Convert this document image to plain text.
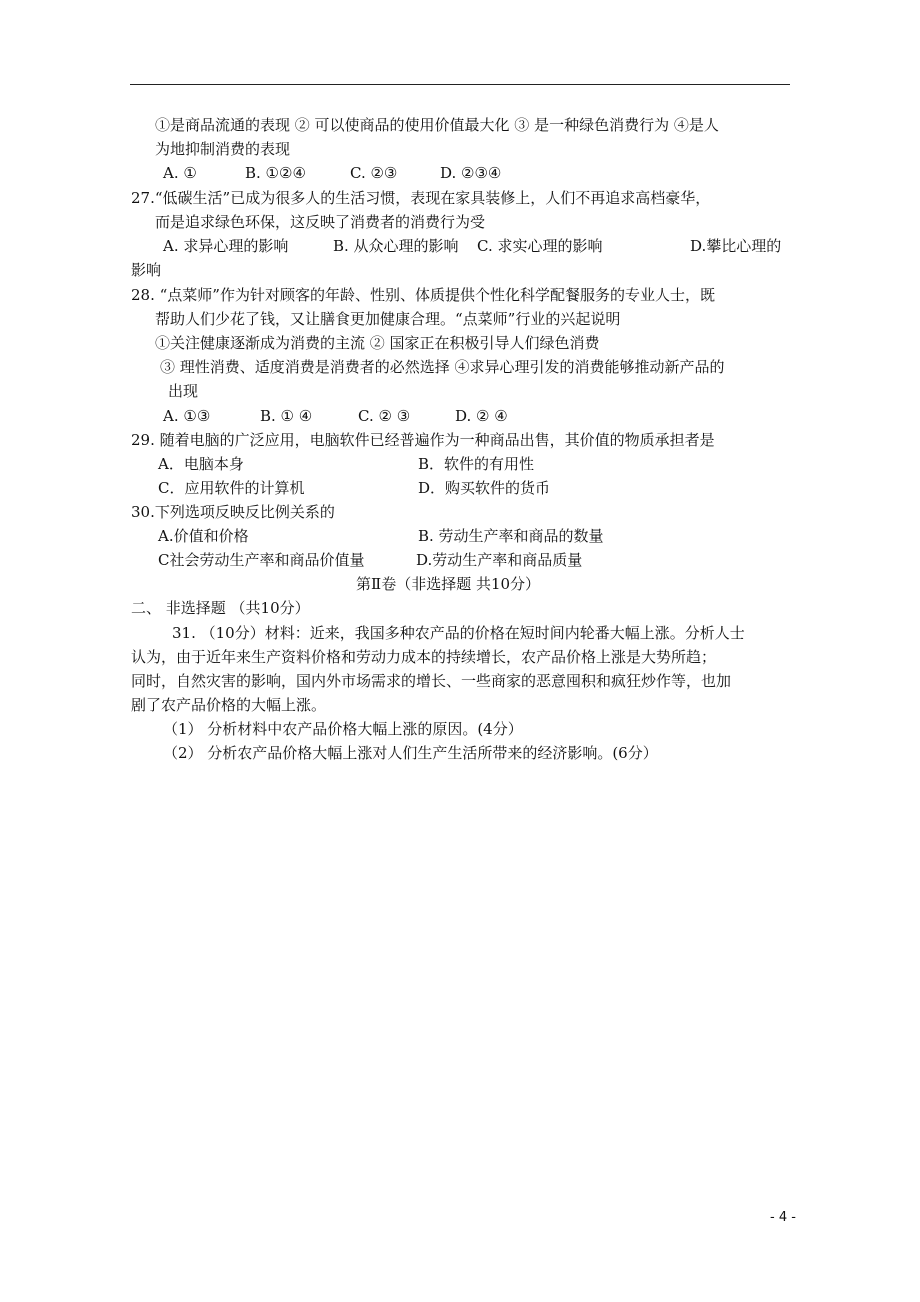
①是商品流通的表现 ② 可以使商品的使用价值最大化 ③ 是一种绿色消费行为 ④是人
为地抑制消费的表现
A. ①	B. ①②④	C. ②③	D. ②③④
27.“低碳生活”已成为很多人的生活习惯，表现在家具装修上，人们不再追求高档豪华，
而是追求绿色环保，这反映了消费者的消费行为受
A. 求异心理的影响	B. 从众心理的影响 C. 求实心理的影响	D.攀比心理的
影响
28. “点菜师”作为针对顾客的年龄、性别、体质提供个性化科学配餐服务的专业人士，既
帮助人们少花了钱，又让膳食更加健康合理。“点菜师”行业的兴起说明
①关注健康逐渐成为消费的主流 ② 国家正在积极引导人们绿色消费
③ 理性消费、适度消费是消费者的必然选择 ④求异心理引发的消费能够推动新产品的
出现
A. ①③	B. ① ④	C. ② ③	D. ② ④
29. 随着电脑的广泛应用，电脑软件已经普遍作为一种商品出售，其价值的物质承担者是
A．电脑本身	B．软件的有用性
C．应用软件的计算机	D．购买软件的货币
30.下列选项反映反比例关系的
A.价值和价格	B. 劳动生产率和商品的数量
C社会劳动生产率和商品价值量	D.劳动生产率和商品质量
第Ⅱ卷（非选择题 共10分）
二、 非选择题 （共10分）
31. （10分）材料：近来，我国多种农产品的价格在短时间内轮番大幅上涨。分析人士
认为，由于近年来生产资料价格和劳动力成本的持续增长，农产品价格上涨是大势所趋；
同时，自然灾害的影响，国内外市场需求的增长、一些商家的恶意囤积和疯狂炒作等，也加
剧了农产品价格的大幅上涨。
（1） 分析材料中农产品价格大幅上涨的原因。(4分）
（2） 分析农产品价格大幅上涨对人们生产生活所带来的经济影响。(6分）
- 4 -
